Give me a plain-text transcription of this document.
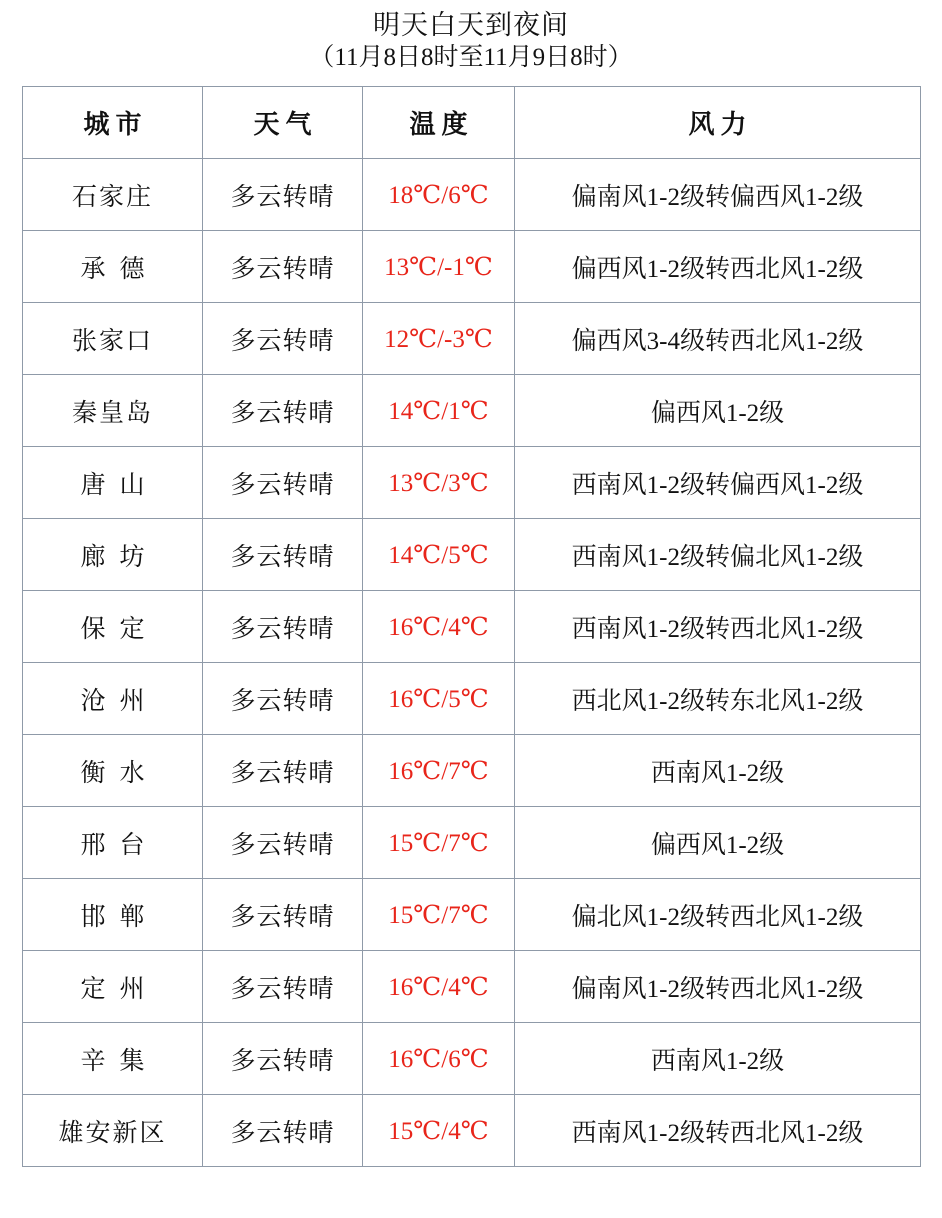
明天白天到夜间
（11月8日8时至11月9日8时）
城市	天气	温度	风力
石家庄	多云转晴	18℃/6℃	偏南风1-2级转偏西风1-2级
承德	多云转晴	13℃/-1℃	偏西风1-2级转西北风1-2级
张家口	多云转晴	12℃/-3℃	偏西风3-4级转西北风1-2级
秦皇岛	多云转晴	14℃/1℃	偏西风1-2级
唐山	多云转晴	13℃/3℃	西南风1-2级转偏西风1-2级
廊坊	多云转晴	14℃/5℃	西南风1-2级转偏北风1-2级
保定	多云转晴	16℃/4℃	西南风1-2级转西北风1-2级
沧州	多云转晴	16℃/5℃	西北风1-2级转东北风1-2级
衡水	多云转晴	16℃/7℃	西南风1-2级
邢台	多云转晴	15℃/7℃	偏西风1-2级
邯郸	多云转晴	15℃/7℃	偏北风1-2级转西北风1-2级
定州	多云转晴	16℃/4℃	偏南风1-2级转西北风1-2级
辛集	多云转晴	16℃/6℃	西南风1-2级
雄安新区	多云转晴	15℃/4℃	西南风1-2级转西北风1-2级
